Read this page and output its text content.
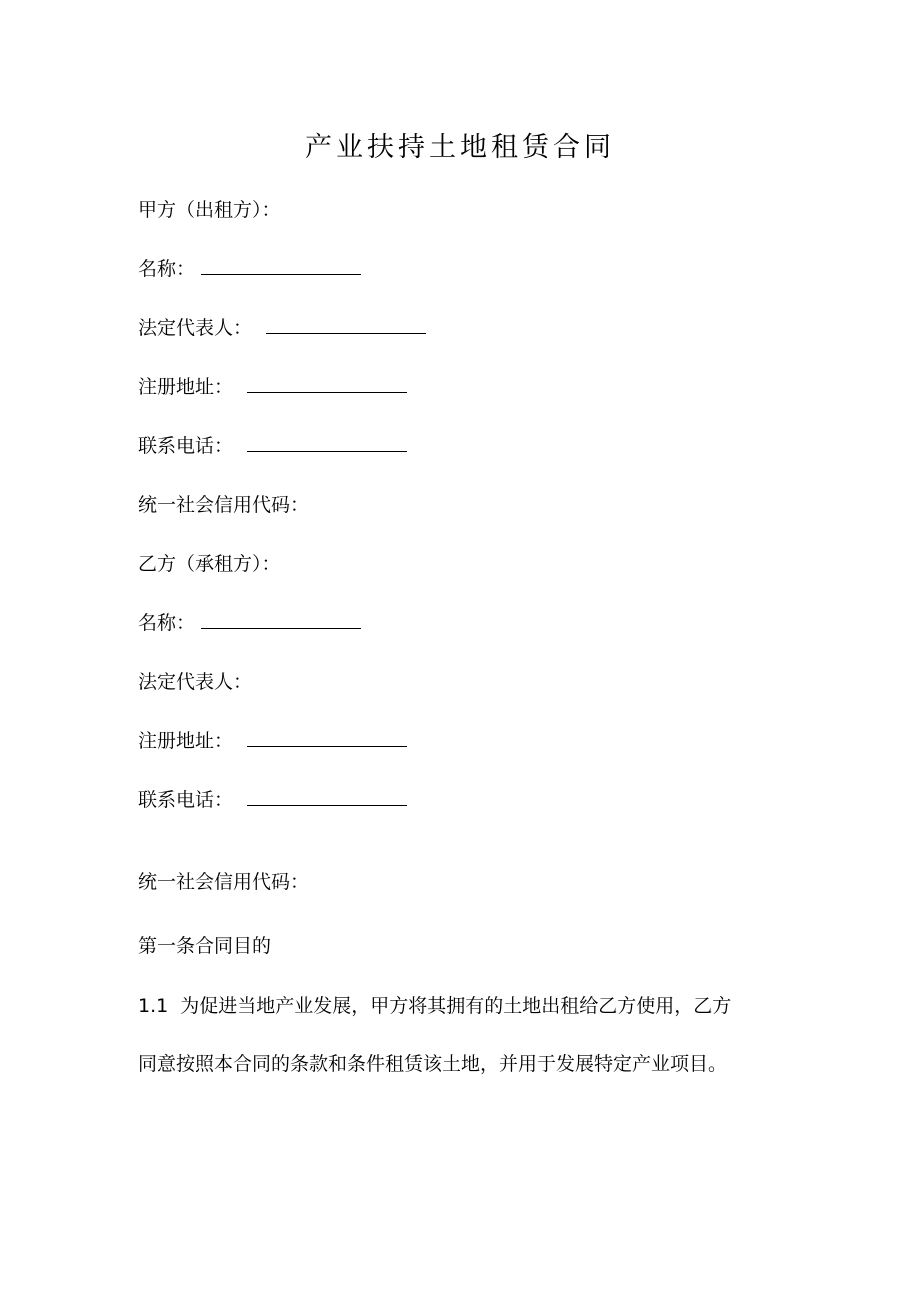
产业扶持土地租赁合同
甲方（出租方）：
名称：
法定代表人：
注册地址：
联系电话：
统一社会信用代码：
乙方（承租方）：
名称：
法定代表人：
注册地址：
联系电话：
统一社会信用代码：
第一条合同目的
1.1 为促进当地产业发展，甲方将其拥有的土地出租给乙方使用，乙方
同意按照本合同的条款和条件租赁该土地，并用于发展特定产业项目。
